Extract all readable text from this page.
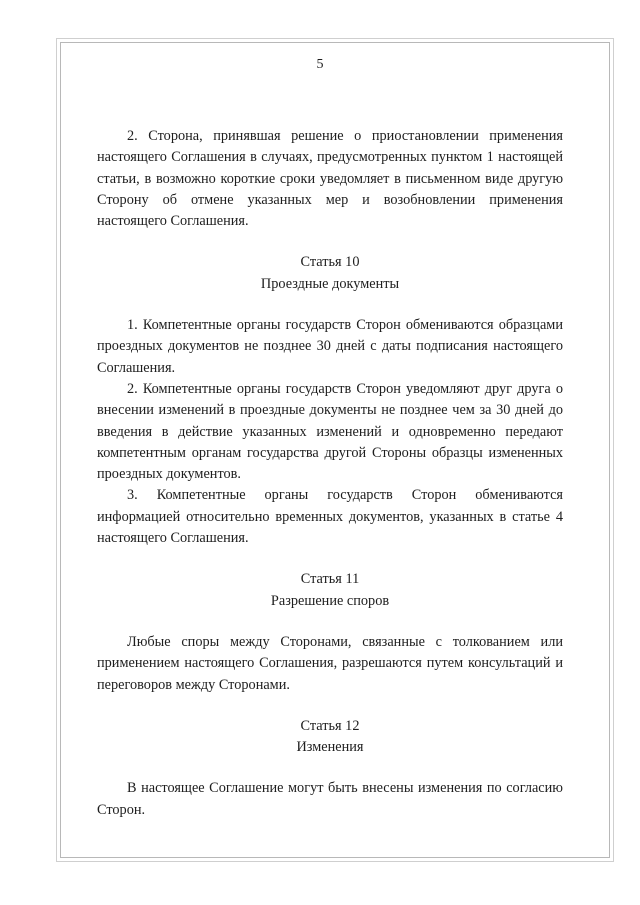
5

2. Сторона, принявшая решение о приостановлении применения настоящего Соглашения в случаях, предусмотренных пунктом 1 настоящей статьи, в возможно короткие сроки уведомляет в письменном виде другую Сторону об отмене указанных мер и возобновлении применения настоящего Соглашения.

Статья 10

Проездные документы

1. Компетентные органы государств Сторон обмениваются образцами проездных документов не позднее 30 дней с даты подписания настоящего Соглашения.

2. Компетентные органы государств Сторон уведомляют друг друга о внесении изменений в проездные документы не позднее чем за 30 дней до введения в действие указанных изменений и одновременно передают компетентным органам государства другой Стороны образцы измененных проездных документов.

3. Компетентные органы государств Сторон обмениваются информацией относительно временных документов, указанных в статье 4 настоящего Соглашения.

Статья 11

Разрешение споров

Любые споры между Сторонами, связанные с толкованием или применением настоящего Соглашения, разрешаются путем консультаций и переговоров между Сторонами.

Статья 12

Изменения

В настоящее Соглашение могут быть внесены изменения по согласию Сторон.
